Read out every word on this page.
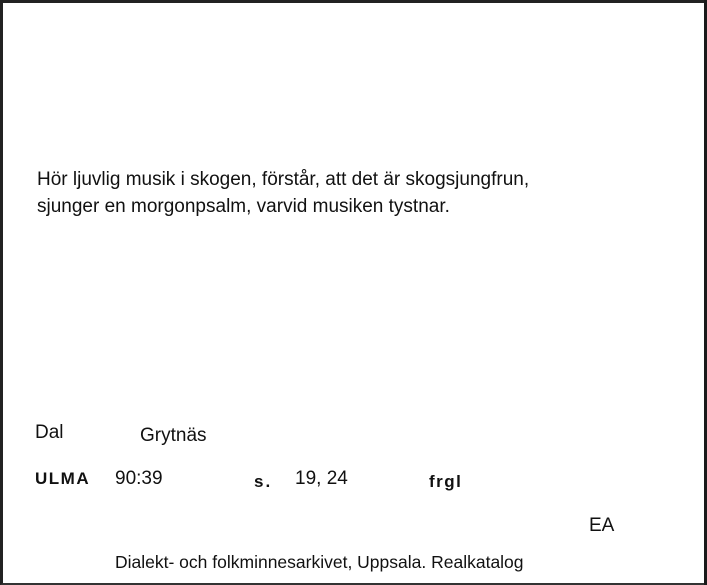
Hör ljuvlig musik i skogen, förstår, att det är skogsjungfrun,
sjunger en morgonpsalm, varvid musiken tystnar.
Dal	Grytnäs
ULMA 90:39	s. 19, 24	frgl
EA
Dialekt- och folkminnesarkivet, Uppsala. Realkatalog
